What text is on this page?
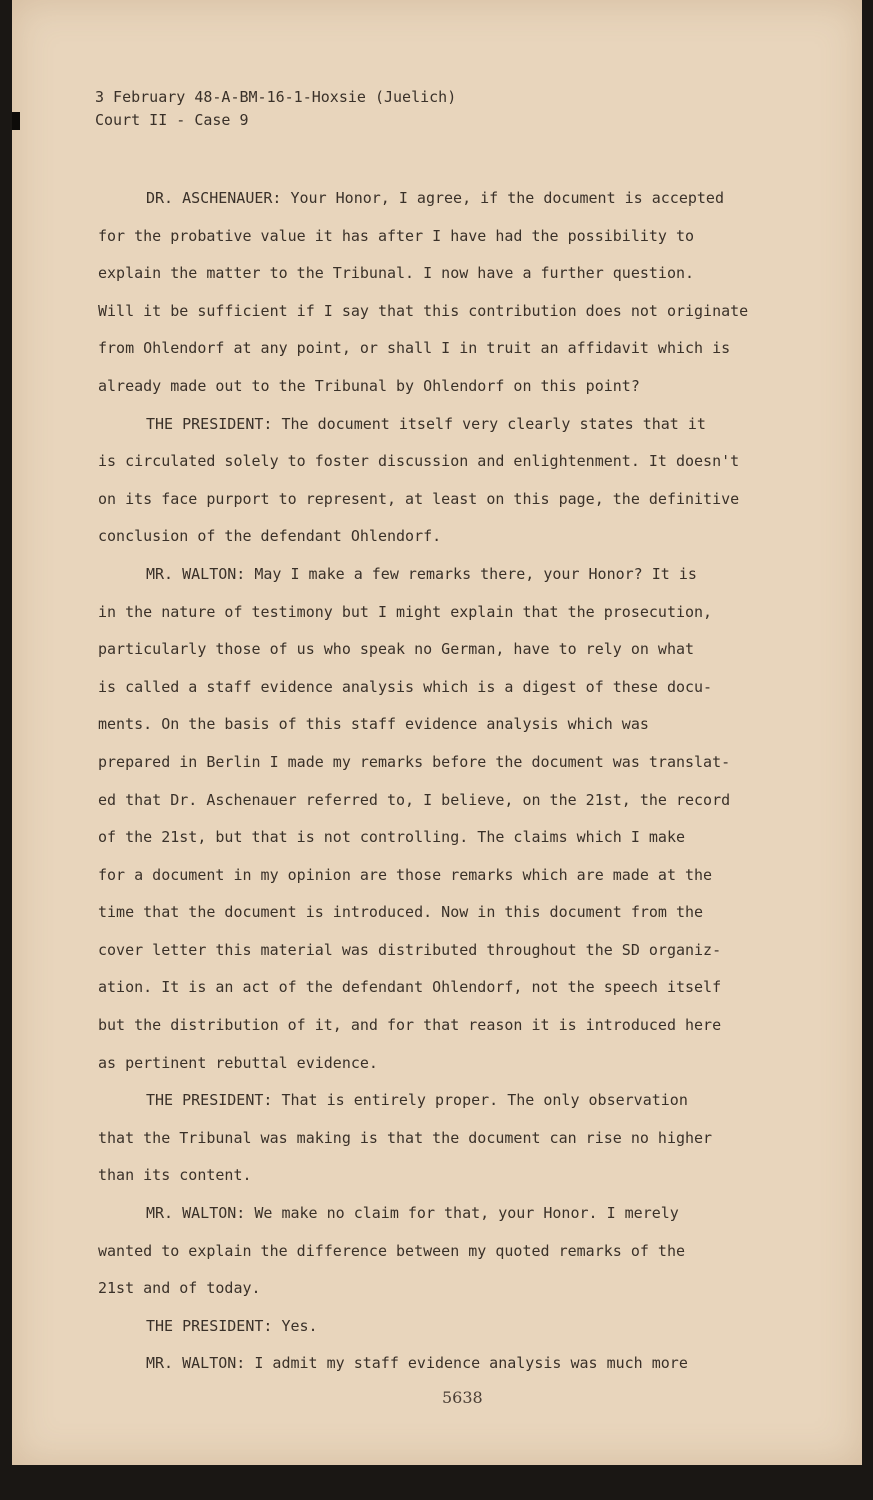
3 February 48-A-BM-16-1-Hoxsie (Juelich)
Court II - Case 9
DR. ASCHENAUER: Your Honor, I agree, if the document is accepted
for the probative value it has after I have had the possibility to
explain the matter to the Tribunal. I now have a further question.
Will it be sufficient if I say that this contribution does not originate
from Ohlendorf at any point, or shall I in truit an affidavit which is
already made out to the Tribunal by Ohlendorf on this point?
THE PRESIDENT: The document itself very clearly states that it
is circulated solely to foster discussion and enlightenment. It doesn't
on its face purport to represent, at least on this page, the definitive
conclusion of the defendant Ohlendorf.
MR. WALTON: May I make a few remarks there, your Honor? It is
in the nature of testimony but I might explain that the prosecution,
particularly those of us who speak no German, have to rely on what
is called a staff evidence analysis which is a digest of these docu-
ments. On the basis of this staff evidence analysis which was
prepared in Berlin I made my remarks before the document was translat-
ed that Dr. Aschenauer referred to, I believe, on the 21st, the record
of the 21st, but that is not controlling. The claims which I make
for a document in my opinion are those remarks which are made at the
time that the document is introduced. Now in this document from the
cover letter this material was distributed throughout the SD organiz-
ation. It is an act of the defendant Ohlendorf, not the speech itself
but the distribution of it, and for that reason it is introduced here
as pertinent rebuttal evidence.
THE PRESIDENT: That is entirely proper. The only observation
that the Tribunal was making is that the document can rise no higher
than its content.
MR. WALTON: We make no claim for that, your Honor. I merely
wanted to explain the difference between my quoted remarks of the
21st and of today.
THE PRESIDENT: Yes.
MR. WALTON: I admit my staff evidence analysis was much more
5638
